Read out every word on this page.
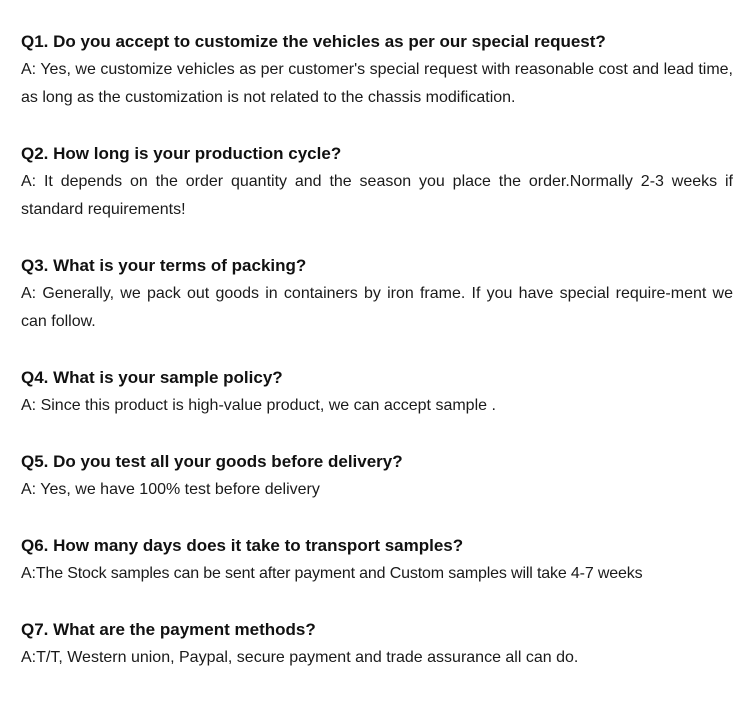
Q1. Do you accept to customize the vehicles as per our special request?

A: Yes, we customize vehicles as per customer's special request with reasonable cost and lead time, as long as the customization is not related to the chassis modification.

Q2. How long is your production cycle?

A: It depends on the order quantity and the season you place the order.Normally 2-3 weeks if standard requirements!

Q3. What is your terms of packing?

A: Generally, we pack out goods in containers by iron frame. If you have special require-ment we can follow.

Q4. What is your sample policy?

A: Since this product is high-value product, we can accept sample .

Q5. Do you test all your goods before delivery?

A: Yes, we have 100% test before delivery

Q6. How many days does it take to transport samples?

A:The Stock samples can be sent after payment and Custom samples will take 4-7 weeks

Q7. What are the payment methods?

A:T/T, Western union, Paypal, secure payment and trade assurance all can do.
